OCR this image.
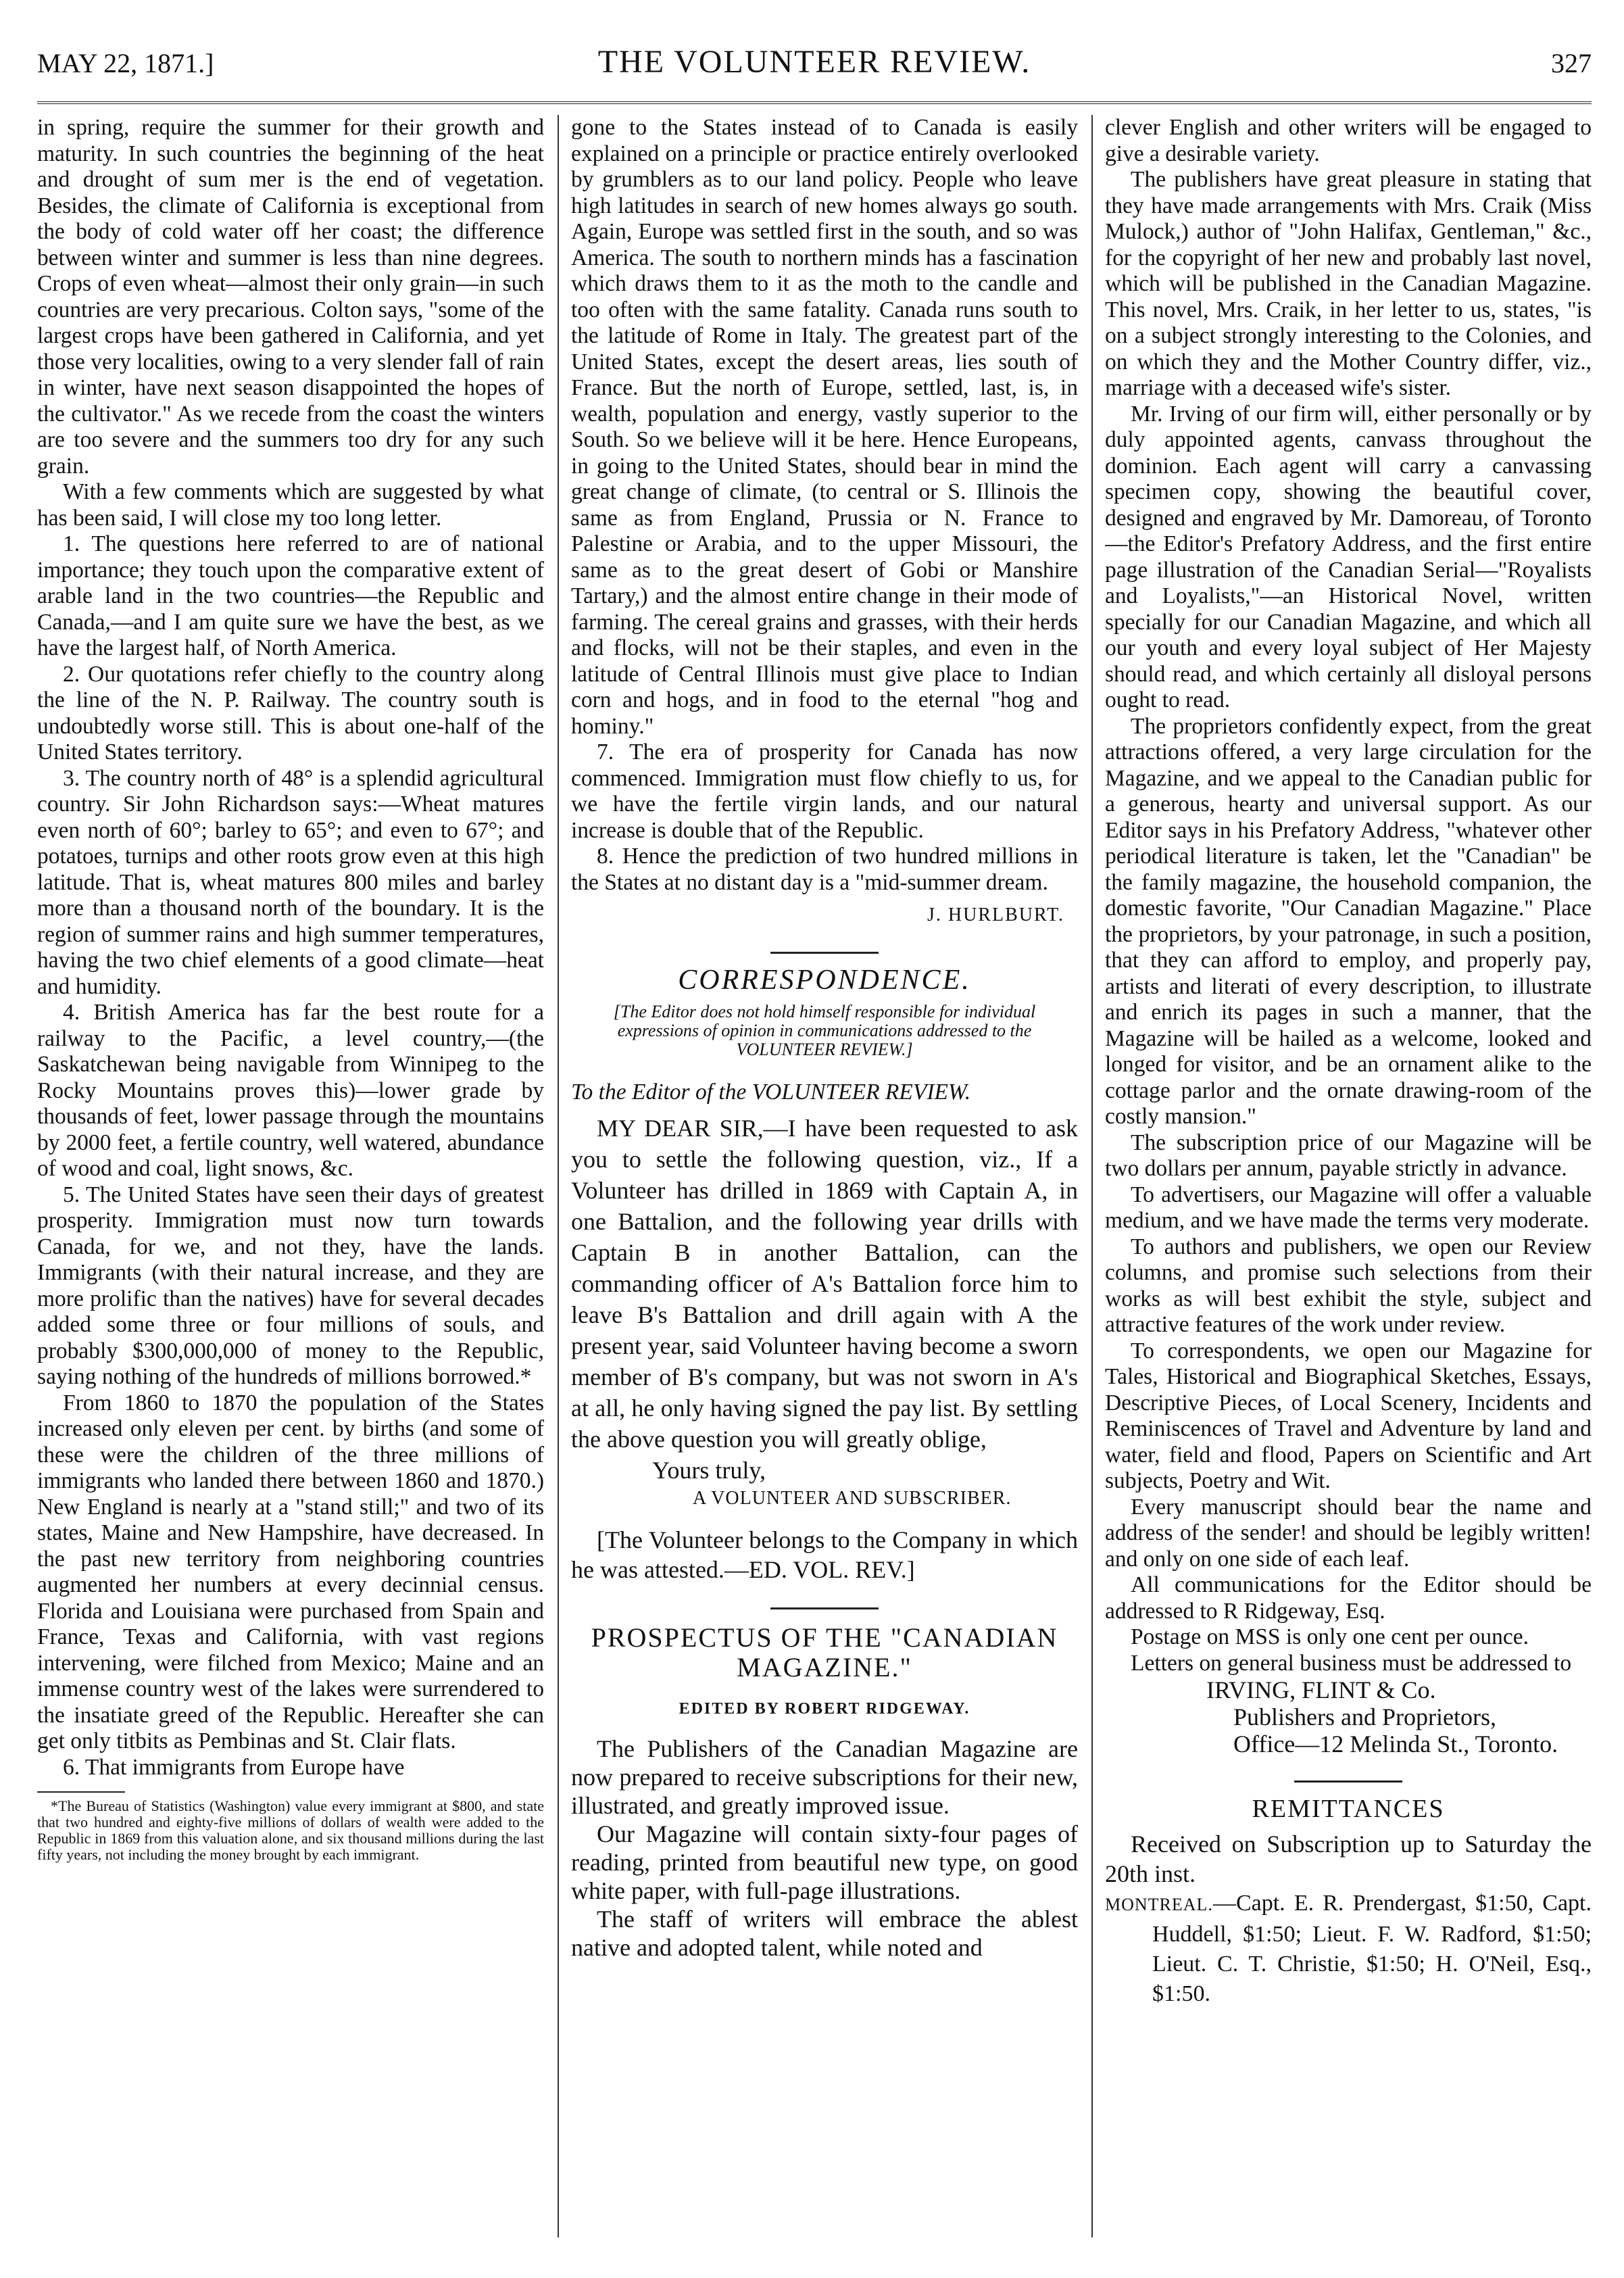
MAY 22, 1871.]	THE VOLUNTEER REVIEW.	327

in spring, require the summer for their growth and maturity. In such countries the beginning of the heat and drought of sum mer is the end of vegetation. Besides, the climate of California is exceptional from the body of cold water off her coast; the difference between winter and summer is less than nine degrees. Crops of even wheat—almost their only grain—in such countries are very precarious. Colton says, "some of the largest crops have been gathered in California, and yet those very localities, owing to a very slender fall of rain in winter, have next season disappointed the hopes of the cultivator." As we recede from the coast the winters are too severe and the summers too dry for any such grain.

With a few comments which are suggested by what has been said, I will close my too long letter.

1. The questions here referred to are of national importance; they touch upon the comparative extent of arable land in the two countries—the Republic and Canada,—and I am quite sure we have the best, as we have the largest half, of North America.

2. Our quotations refer chiefly to the country along the line of the N. P. Railway. The country south is undoubtedly worse still. This is about one-half of the United States territory.

3. The country north of 48° is a splendid agricultural country. Sir John Richardson says:—Wheat matures even north of 60°; barley to 65°; and even to 67°; and potatoes, turnips and other roots grow even at this high latitude. That is, wheat matures 800 miles and barley more than a thousand north of the boundary. It is the region of summer rains and high summer temperatures, having the two chief elements of a good climate—heat and humidity.

4. British America has far the best route for a railway to the Pacific, a level country,—(the Saskatchewan being navigable from Winnipeg to the Rocky Mountains proves this)—lower grade by thousands of feet, lower passage through the mountains by 2000 feet, a fertile country, well watered, abundance of wood and coal, light snows, &c.

5. The United States have seen their days of greatest prosperity. Immigration must now turn towards Canada, for we, and not they, have the lands. Immigrants (with their natural increase, and they are more prolific than the natives) have for several decades added some three or four millions of souls, and probably $300,000,000 of money to the Republic, saying nothing of the hundreds of millions borrowed.*

From 1860 to 1870 the population of the States increased only eleven per cent. by births (and some of these were the children of the three millions of immigrants who landed there between 1860 and 1870.) New England is nearly at a "stand still;" and two of its states, Maine and New Hampshire, have decreased. In the past new territory from neighboring countries augmented her numbers at every decinnial census. Florida and Louisiana were purchased from Spain and France, Texas and California, with vast regions intervening, were filched from Mexico; Maine and an immense country west of the lakes were surrendered to the insatiate greed of the Republic. Hereafter she can get only titbits as Pembinas and St. Clair flats.

6. That immigrants from Europe have

*The Bureau of Statistics (Washington) value every immigrant at $800, and state that two hundred and eighty-five millions of dollars of wealth were added to the Republic in 1869 from this valuation alone, and six thousand millions during the last fifty years, not including the money brought by each immigrant.

gone to the States instead of to Canada is easily explained on a principle or practice entirely overlooked by grumblers as to our land policy. People who leave high latitudes in search of new homes always go south. Again, Europe was settled first in the south, and so was America. The south to northern minds has a fascination which draws them to it as the moth to the candle and too often with the same fatality. Canada runs south to the latitude of Rome in Italy. The greatest part of the United States, except the desert areas, lies south of France. But the north of Europe, settled, last, is, in wealth, population and energy, vastly superior to the South. So we believe will it be here. Hence Europeans, in going to the United States, should bear in mind the great change of climate, (to central or S. Illinois the same as from England, Prussia or N. France to Palestine or Arabia, and to the upper Missouri, the same as to the great desert of Gobi or Manshire Tartary,) and the almost entire change in their mode of farming. The cereal grains and grasses, with their herds and flocks, will not be their staples, and even in the latitude of Central Illinois must give place to Indian corn and hogs, and in food to the eternal "hog and hominy."

7. The era of prosperity for Canada has now commenced. Immigration must flow chiefly to us, for we have the fertile virgin lands, and our natural increase is double that of the Republic.

8. Hence the prediction of two hundred millions in the States at no distant day is a "mid-summer dream.

J. HURLBURT.
CORRESPONDENCE.
[The Editor does not hold himself responsible for individual expressions of opinion in communications addressed to the VOLUNTEER REVIEW.]

To the Editor of the VOLUNTEER REVIEW.

MY DEAR SIR,—I have been requested to ask you to settle the following question, viz., If a Volunteer has drilled in 1869 with Captain A, in one Battalion, and the following year drills with Captain B in another Battalion, can the commanding officer of A's Battalion force him to leave B's Battalion and drill again with A the present year, said Volunteer having become a sworn member of B's company, but was not sworn in A's at all, he only having signed the pay list. By settling the above question you will greatly oblige,

Yours truly,
A VOLUNTEER AND SUBSCRIBER.

[The Volunteer belongs to the Company in which he was attested.—ED. VOL. REV.]

PROSPECTUS OF THE "CANADIAN MAGAZINE."
EDITED BY ROBERT RIDGEWAY.

The Publishers of the Canadian Magazine are now prepared to receive subscriptions for their new, illustrated, and greatly improved issue.

Our Magazine will contain sixty-four pages of reading, printed from beautiful new type, on good white paper, with full-page illustrations.

The staff of writers will embrace the ablest native and adopted talent, while noted and

clever English and other writers will be engaged to give a desirable variety.

The publishers have great pleasure in stating that they have made arrangements with Mrs. Craik (Miss Mulock,) author of "John Halifax, Gentleman," &c., for the copyright of her new and probably last novel, which will be published in the Canadian Magazine. This novel, Mrs. Craik, in her letter to us, states, "is on a subject strongly interesting to the Colonies, and on which they and the Mother Country differ, viz., marriage with a deceased wife's sister.

Mr. Irving of our firm will, either personally or by duly appointed agents, canvass throughout the dominion. Each agent will carry a canvassing specimen copy, showing the beautiful cover, designed and engraved by Mr. Damoreau, of Toronto—the Editor's Prefatory Address, and the first entire page illustration of the Canadian Serial—"Royalists and Loyalists,"—an Historical Novel, written specially for our Canadian Magazine, and which all our youth and every loyal subject of Her Majesty should read, and which certainly all disloyal persons ought to read.

The proprietors confidently expect, from the great attractions offered, a very large circulation for the Magazine, and we appeal to the Canadian public for a generous, hearty and universal support. As our Editor says in his Prefatory Address, "whatever other periodical literature is taken, let the "Canadian" be the family magazine, the household companion, the domestic favorite, "Our Canadian Magazine." Place the proprietors, by your patronage, in such a position, that they can afford to employ, and properly pay, artists and literati of every description, to illustrate and enrich its pages in such a manner, that the Magazine will be hailed as a welcome, looked and longed for visitor, and be an ornament alike to the cottage parlor and the ornate drawing-room of the costly mansion."

The subscription price of our Magazine will be two dollars per annum, payable strictly in advance.

To advertisers, our Magazine will offer a valuable medium, and we have made the terms very moderate.

To authors and publishers, we open our Review columns, and promise such selections from their works as will best exhibit the style, subject and attractive features of the work under review.

To correspondents, we open our Magazine for Tales, Historical and Biographical Sketches, Essays, Descriptive Pieces, of Local Scenery, Incidents and Reminiscences of Travel and Adventure by land and water, field and flood, Papers on Scientific and Art subjects, Poetry and Wit.

Every manuscript should bear the name and address of the sender! and should be legibly written! and only on one side of each leaf.

All communications for the Editor should be addressed to R Ridgeway, Esq.

Postage on MSS is only one cent per ounce.

Letters on general business must be addressed to

IRVING, FLINT & Co.
Publishers and Proprietors,
Office—12 Melinda St., Toronto.
REMITTANCES

Received on Subscription up to Saturday the 20th inst.

MONTREAL.—Capt. E. R. Prendergast, $1:50, Capt. Huddell, $1:50; Lieut. F. W. Radford, $1:50; Lieut. C. T. Christie, $1:50; H. O'Neil, Esq., $1:50.
